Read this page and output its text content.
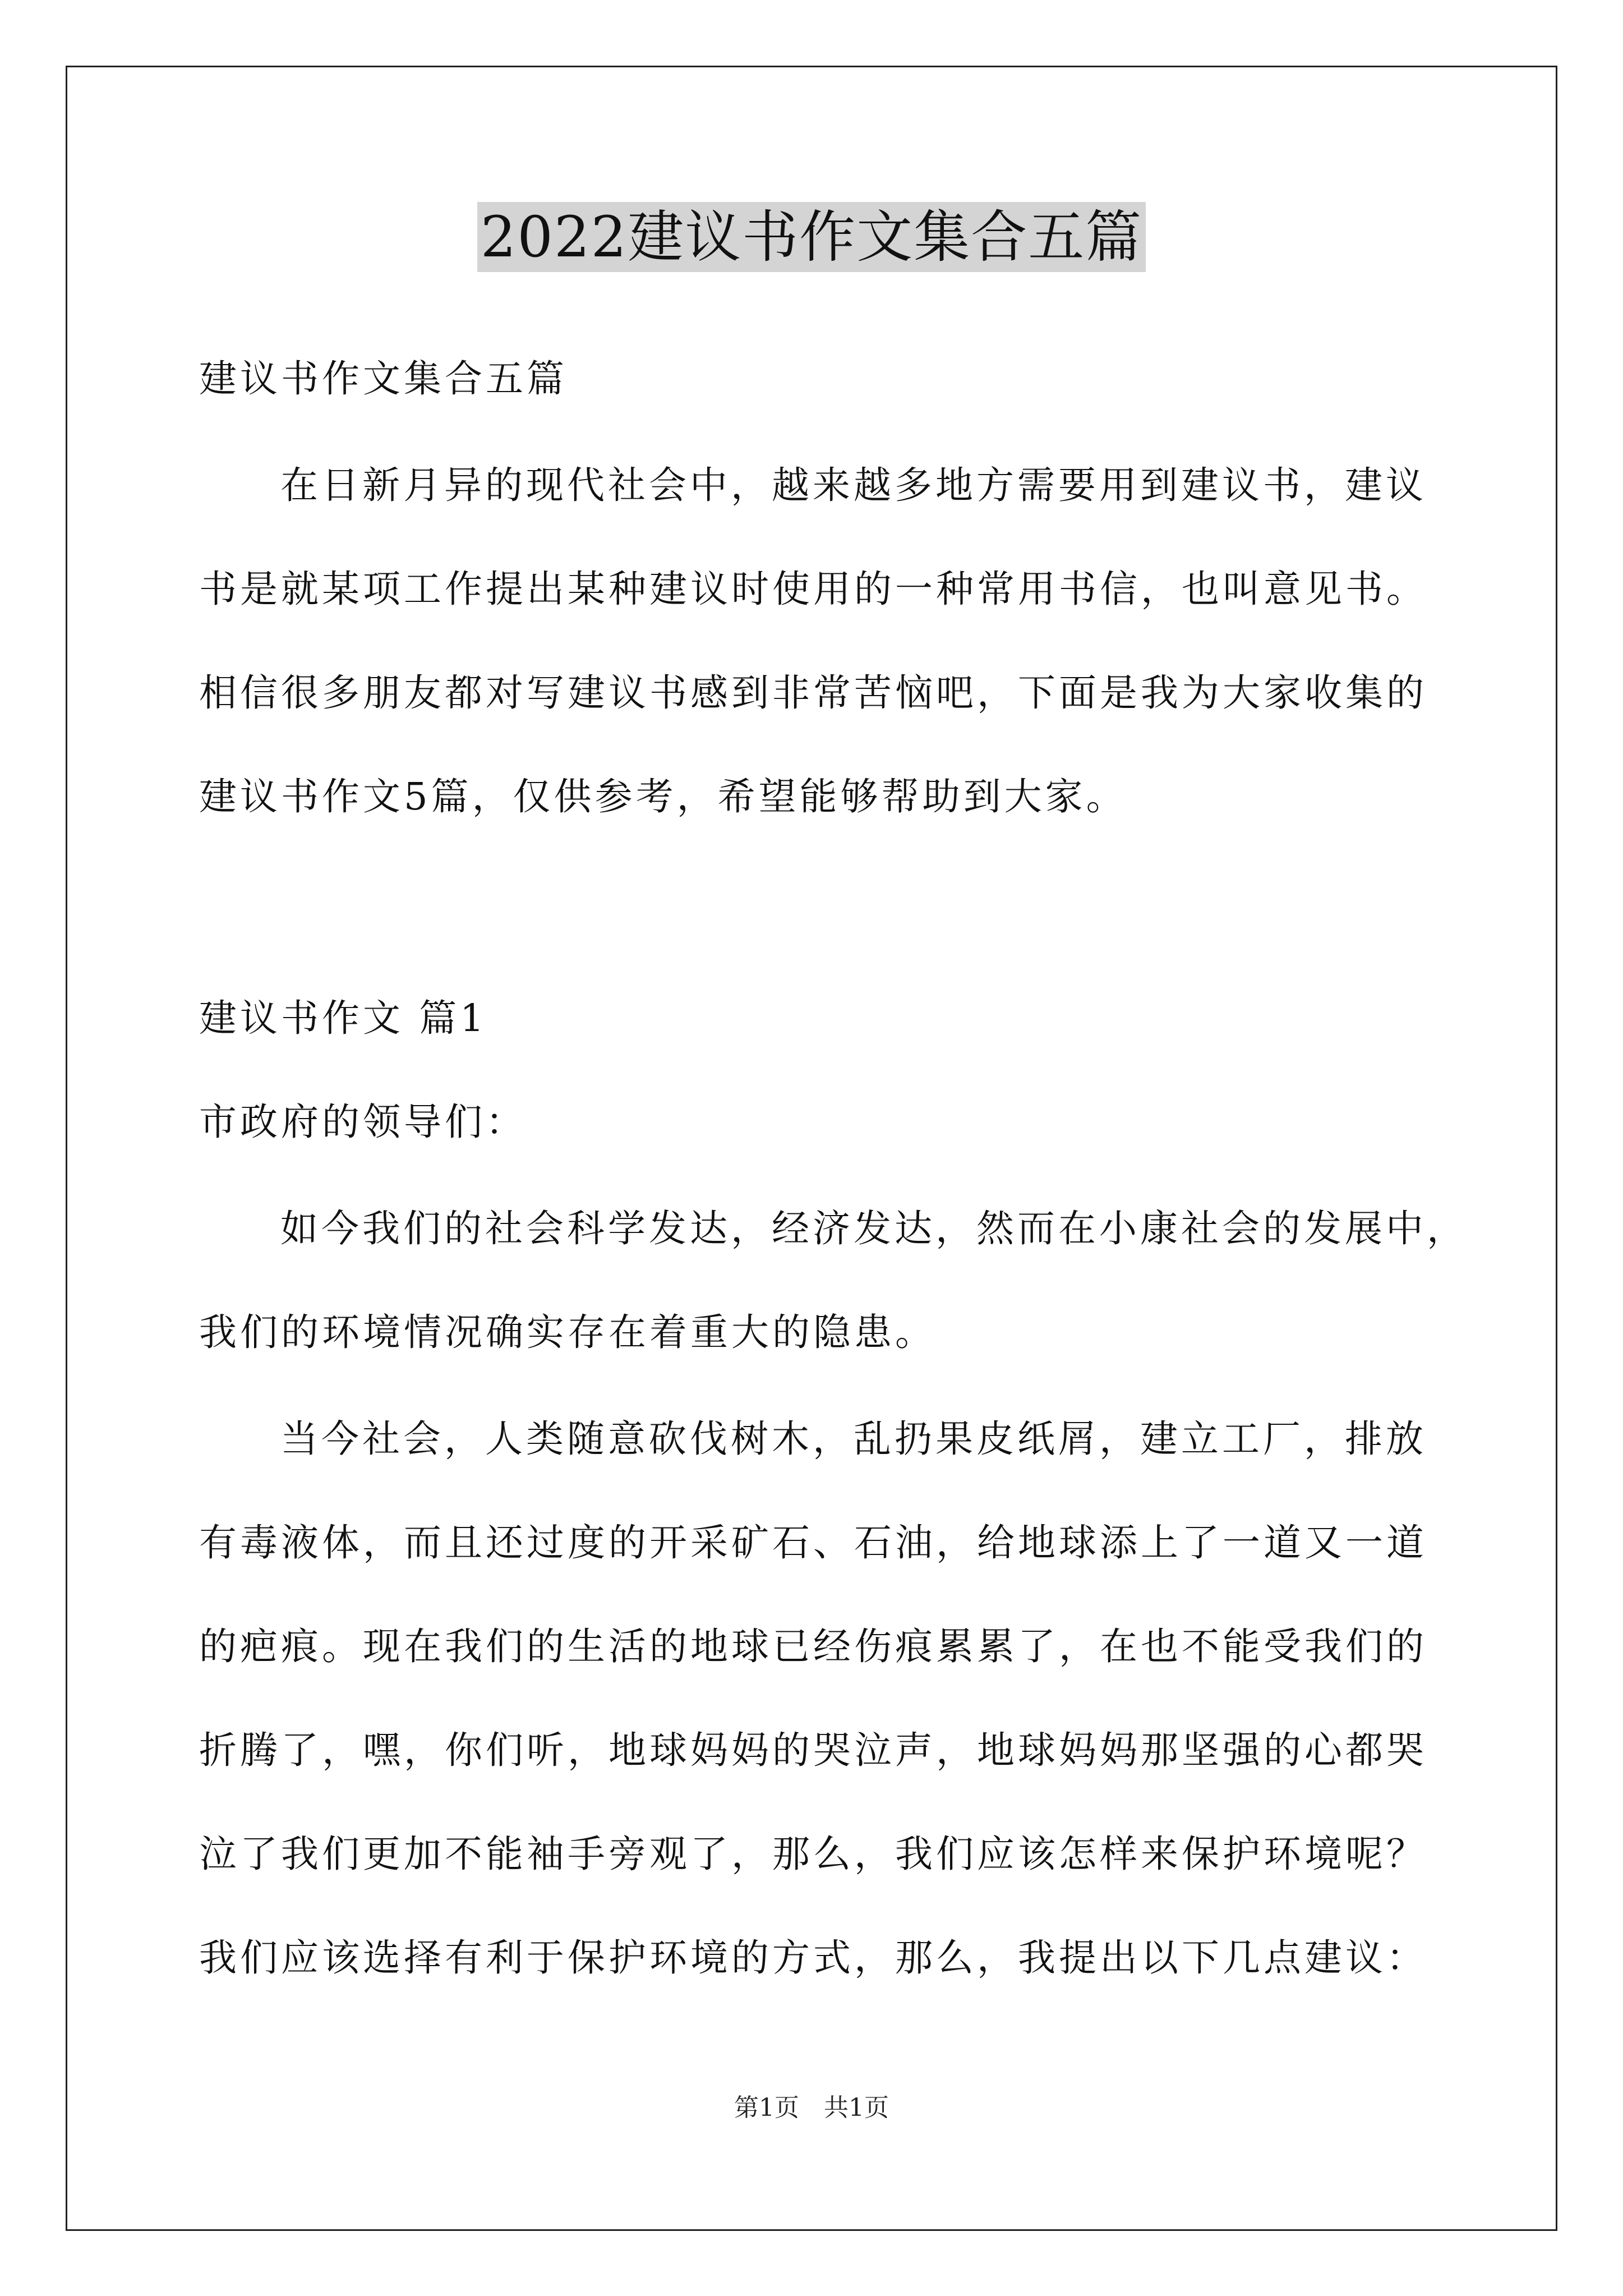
2022建议书作文集合五篇
建议书作文集合五篇
在日新月异的现代社会中，越来越多地方需要用到建议书，建议
书是就某项工作提出某种建议时使用的一种常用书信，也叫意见书。
相信很多朋友都对写建议书感到非常苦恼吧，下面是我为大家收集的
建议书作文5篇，仅供参考，希望能够帮助到大家。
建议书作文 篇1
市政府的领导们：
如今我们的社会科学发达，经济发达，然而在小康社会的发展中，
我们的环境情况确实存在着重大的隐患。
当今社会，人类随意砍伐树木，乱扔果皮纸屑，建立工厂，排放
有毒液体，而且还过度的开采矿石、石油，给地球添上了一道又一道
的疤痕。现在我们的生活的地球已经伤痕累累了，在也不能受我们的
折腾了，嘿，你们听，地球妈妈的哭泣声，地球妈妈那坚强的心都哭
泣了我们更加不能袖手旁观了，那么，我们应该怎样来保护环境呢？
我们应该选择有利于保护环境的方式，那么，我提出以下几点建议：
第1页　共1页
